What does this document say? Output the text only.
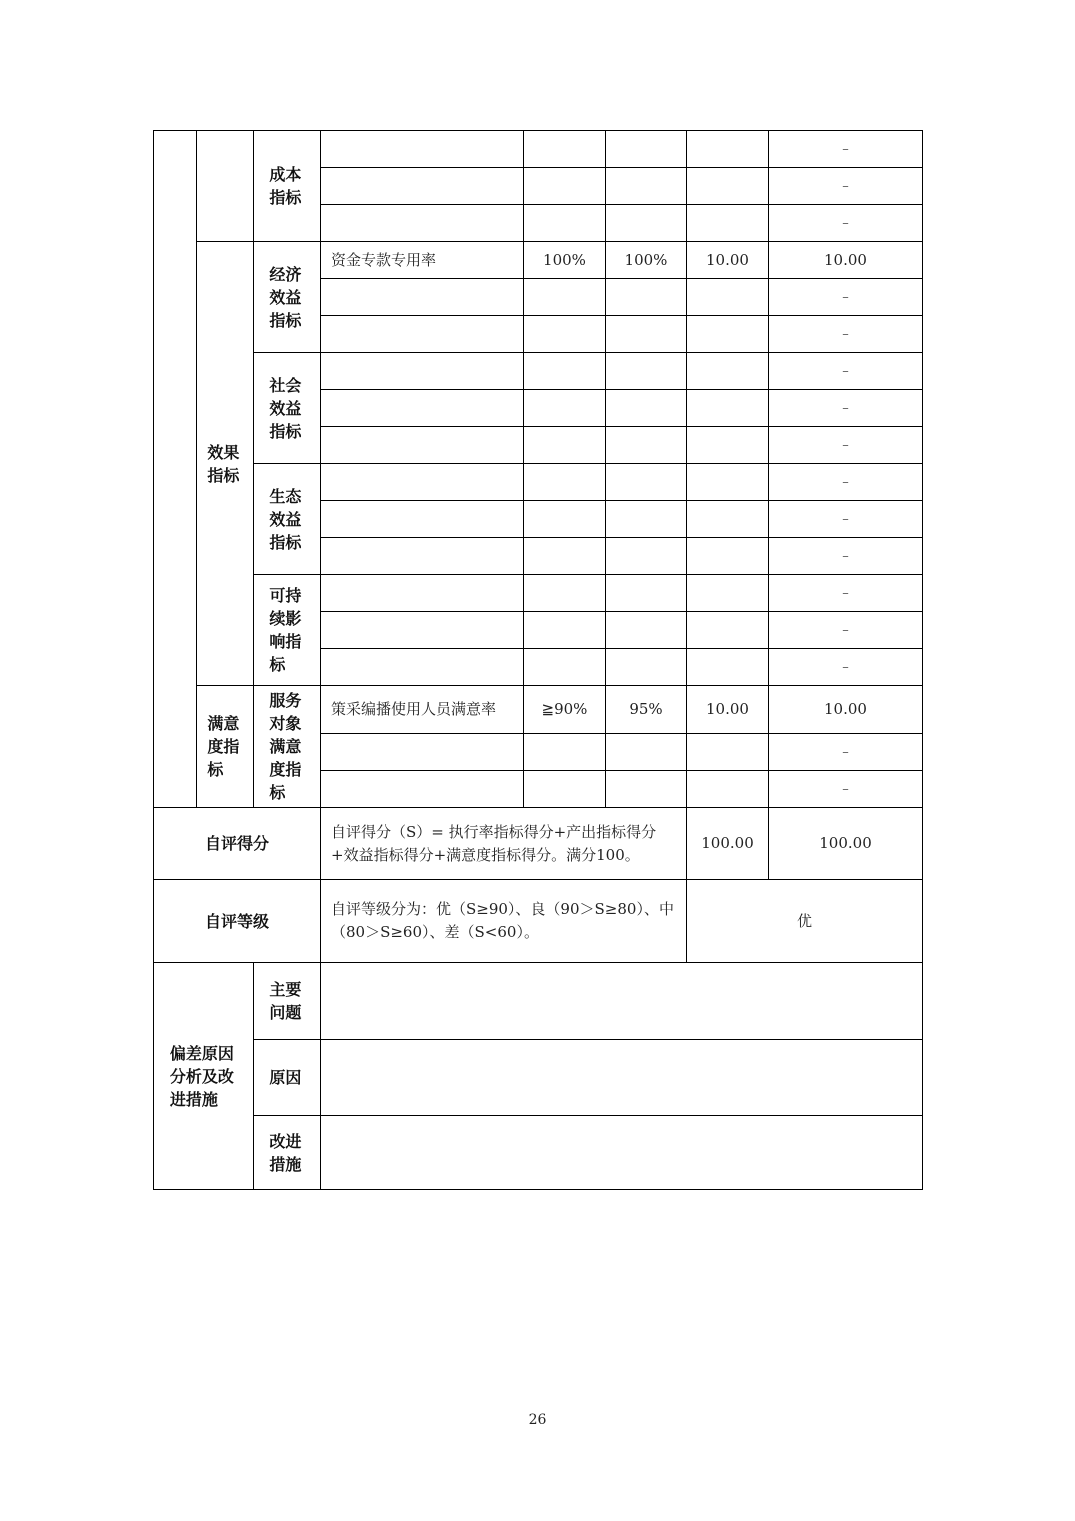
		成本指标					–
							–
							–

	效果指标	经济效益指标	资金专款专用率	100%	100%	10.00	10.00
							–
							–

		社会效益指标					–
							–
							–

		生态效益指标					–
							–
							–

		可持续影响指标					–
							–
							–

	满意度指标	服务对象满意度指标	策采编播使用人员满意率	≧90%	95%	10.00	10.00
							–
							–
自评得分			自评得分（S）= 执行率指标得分+产出指标得分+效益指标得分+满意度指标得分。满分100。			100.00	100.00
自评等级			自评等级分为：优（S≥90）、良（90＞S≥80）、中（80＞S≥60）、差（S<60）。			优	

偏差原因分析及改进措施		主要问题					

		原因					

		改进措施					

26
